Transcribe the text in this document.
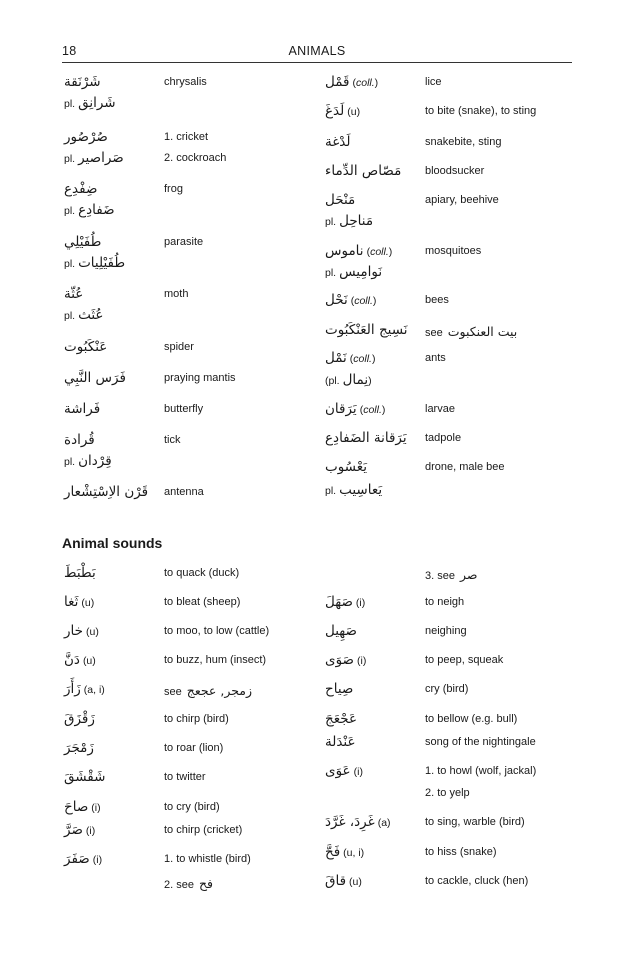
18	ANIMALS
شَرْنَقة	chrysalis
pl. شَرانِق
صُرْصُور	1. cricket
pl. صَراصير	2. cockroach
ضِفْدِع	frog
pl. ضَفادِع
طُفَيْلِي	parasite
pl. طُفَيْلِيات
عُثّة	moth
pl. عُثَث
عَنْكَبُوت	spider
فَرَس النَّبِي	praying mantis
فَراشة	butterfly
قُرادة	tick
pl. قِرْدان
قَرْن الاِسْتِشْعار antenna
قَمْل (coll.)	lice
لَدَغَ (u)	to bite (snake), to sting
لَدْغة	snakebite, sting
مَصّاص الدِّماء bloodsucker
مَنْحَل	apiary, beehive
pl. مَناحِل
ناموس (coll.)	mosquitoes
pl. نَوامِيس
نَحْل (coll.)	bees
نَسِيج العَنْكَبُوت see بيت العنكبوت
نَمْل (coll.)	ants
(pl. نِمال)
يَرَقان (coll.)	larvae
يَرَقانة الضَفادِع tadpole
يَعْسُوب	drone, male bee
pl. يَعاسِيب
بَطْبَطَ	to quack (duck)
ثَغا (u)	to bleat (sheep)
خار (u)	to moo, to low (cattle)
دَنَّ (u)	to buzz, hum (insect)
زَأَرَ (a, i)	see زمجر, عجعج
زَقْزَقَ	to chirp (bird)
زَمْجَرَ	to roar (lion)
شَقْشَقَ	to twitter
صاحَ (i)	to cry (bird)
صَرَّ (i)	to chirp (cricket)
صَفَرَ (i)	1. to whistle (bird)
2. see فح
3. see صر
صَهَلَ (i)	to neigh
صَهِيل	neighing
صَوَى (i)	to peep, squeak
صِياح	cry (bird)
عَجْعَجَ	to bellow (e.g. bull)
عَنْدَلة	song of the nightingale
عَوَى (i)	1. to howl (wolf, jackal)
2. to yelp
غَرِدَ، غَرَّدَ (a)	to sing, warble (bird)
فَحَّ (u, i)	to hiss (snake)
قاقَ (u)	to cackle, cluck (hen)
Animal sounds
